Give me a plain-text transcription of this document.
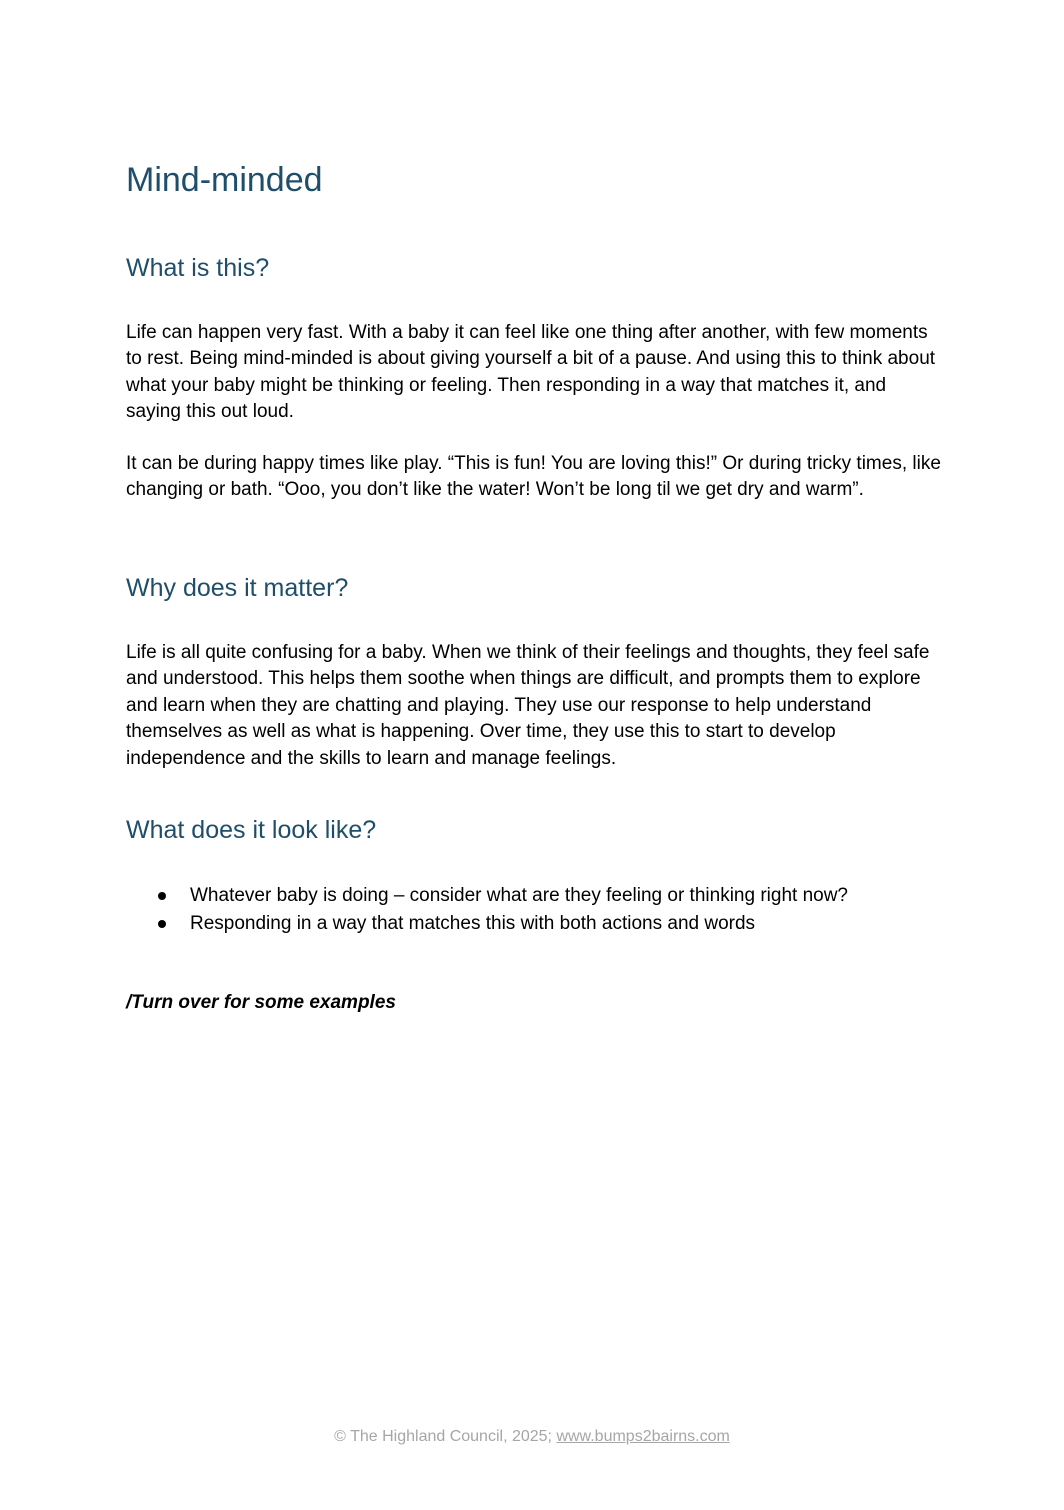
Mind-minded
What is this?

Life can happen very fast. With a baby it can feel like one thing after another, with few moments to rest. Being mind-minded is about giving yourself a bit of a pause. And using this to think about what your baby might be thinking or feeling. Then responding in a way that matches it, and saying this out loud.

It can be during happy times like play. “This is fun! You are loving this!” Or during tricky times, like changing or bath. “Ooo, you don’t like the water! Won’t be long til we get dry and warm”.

Why does it matter?

Life is all quite confusing for a baby. When we think of their feelings and thoughts, they feel safe and understood. This helps them soothe when things are difficult, and prompts them to explore and learn when they are chatting and playing. They use our response to help understand themselves as well as what is happening. Over time, they use this to start to develop independence and the skills to learn and manage feelings.

What does it look like?
Whatever baby is doing – consider what are they feeling or thinking right now?
Responding in a way that matches this with both actions and words

/Turn over for some examples

© The Highland Council, 2025; www.bumps2bairns.com
